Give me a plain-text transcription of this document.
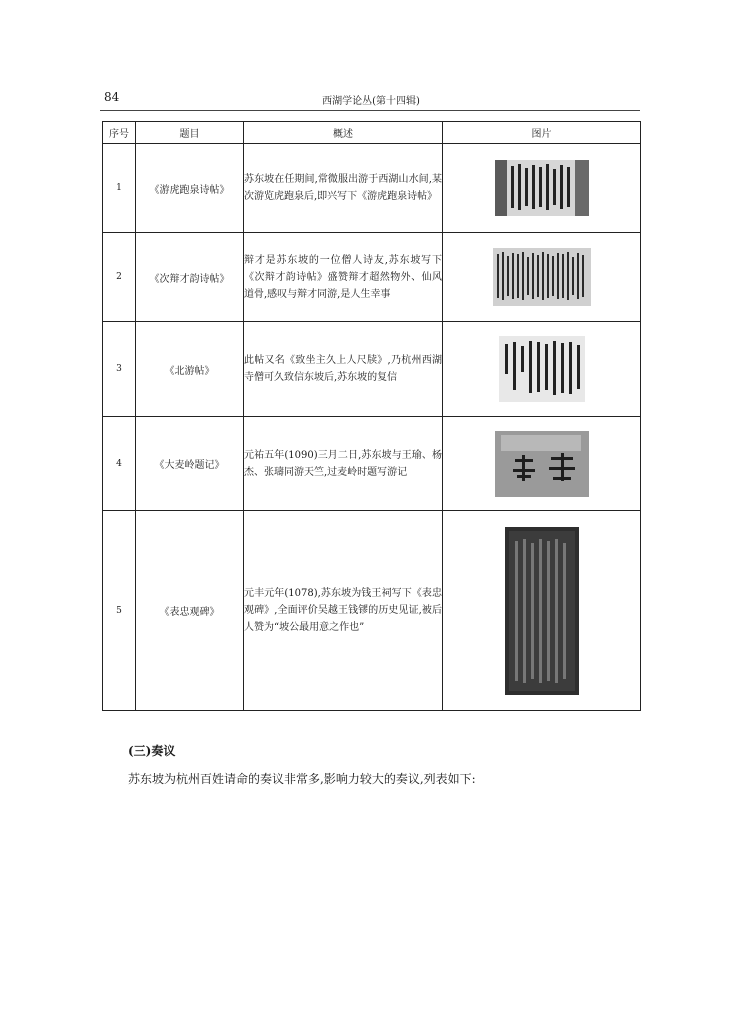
84	西湖学论丛(第十四辑)
序号	题目	概述	图片
1	《游虎跑泉诗帖》	苏东坡在任期间,常微服出游于西湖山水间,某次游览虎跑泉后,即兴写下《游虎跑泉诗帖》	

2	《次辩才韵诗帖》	辩才是苏东坡的一位僧人诗友,苏东坡写下《次辩才韵诗帖》盛赞辩才超然物外、仙风道骨,感叹与辩才同游,是人生幸事	

3	《北游帖》	此帖又名《致坐主久上人尺牍》,乃杭州西湖寺僧可久致信东坡后,苏东坡的复信	

4	《大麦岭题记》	元祐五年(1090)三月二日,苏东坡与王瑜、杨杰、张璹同游天竺,过麦岭时题写游记	

5	《表忠观碑》	元丰元年(1078),苏东坡为钱王祠写下《表忠观碑》,全面评价吴越王钱镠的历史见证,被后人赞为“坡公最用意之作也”	
(三)奏议
苏东坡为杭州百姓请命的奏议非常多,影响力较大的奏议,列表如下:
